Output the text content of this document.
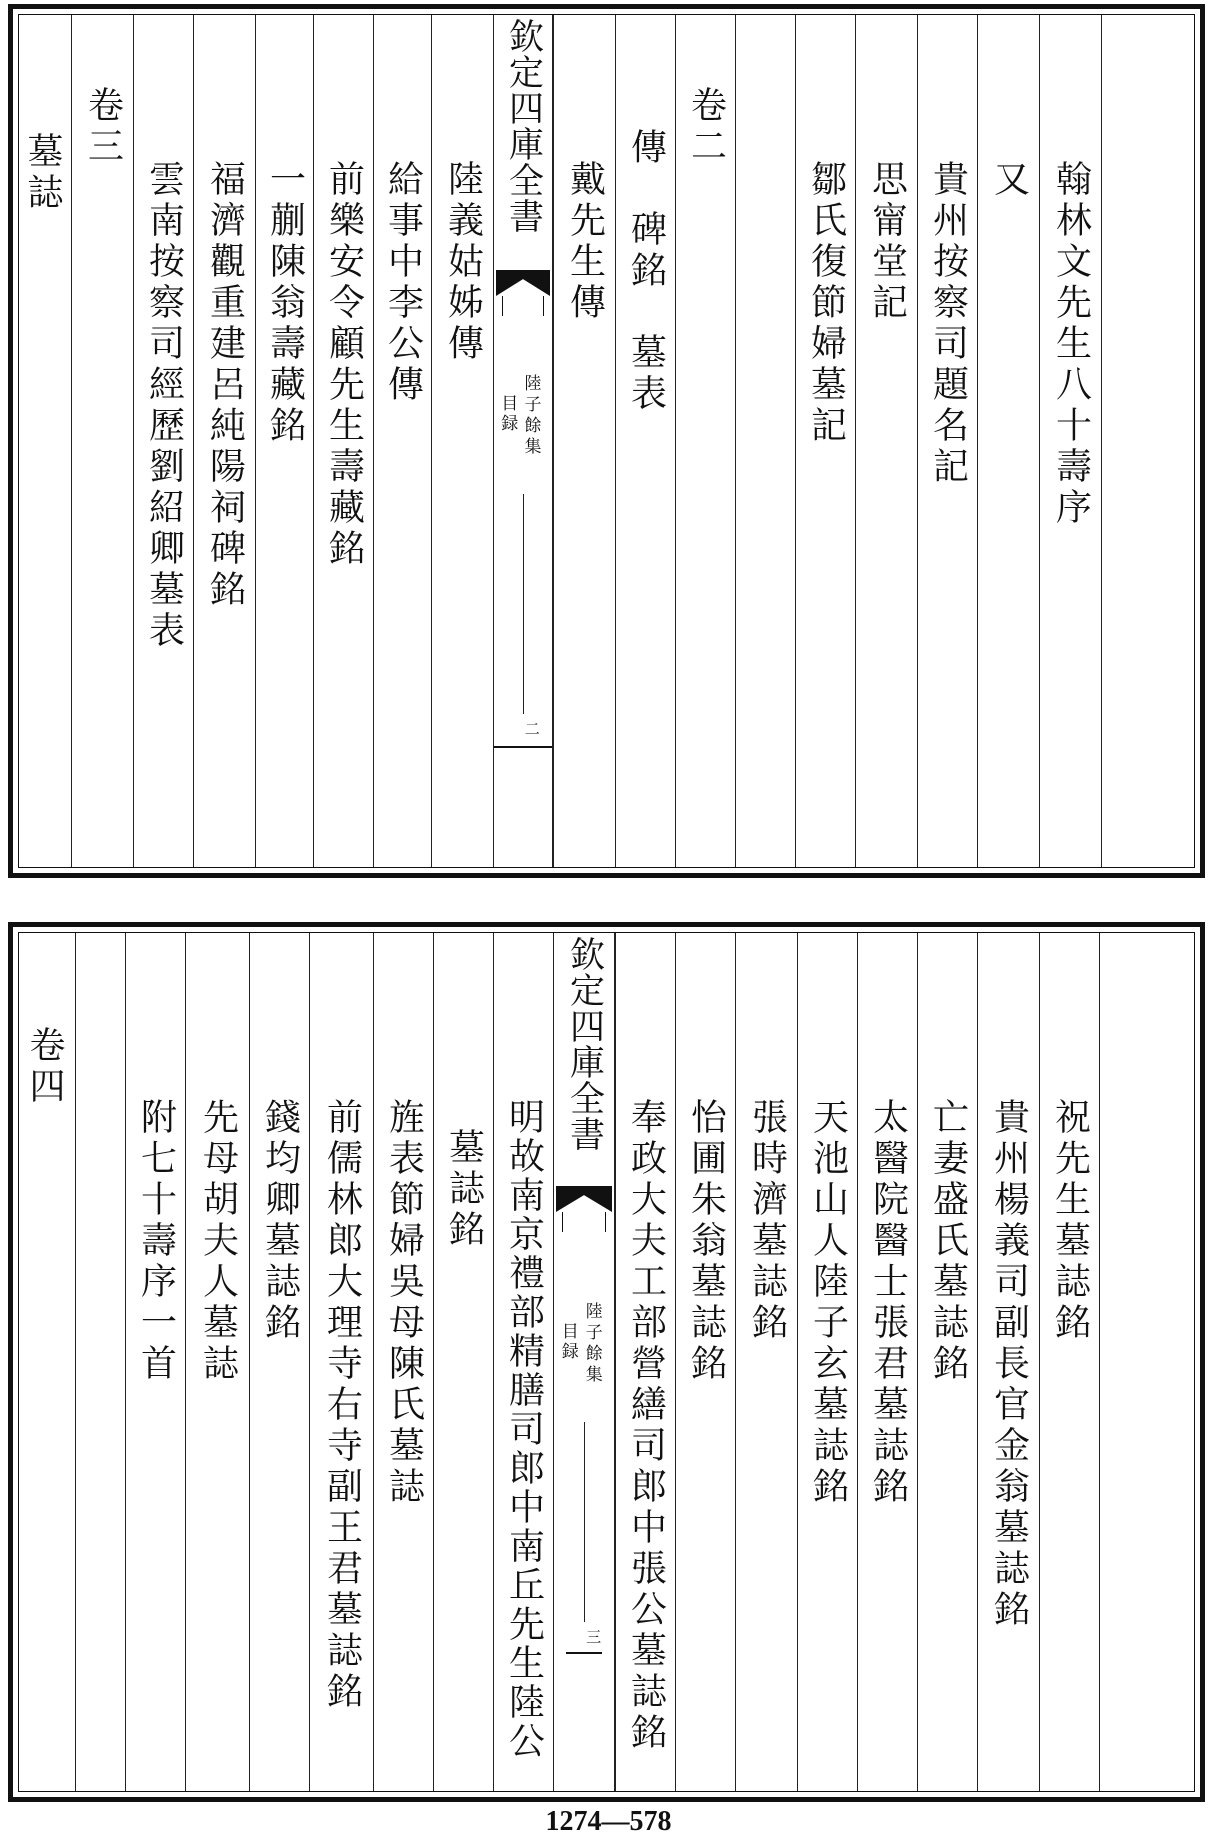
墓誌
卷三
雲南按察司經歷劉紹卿墓表 福濟觀重建呂純陽祠碑銘 一蒯陳翁壽藏銘 前樂安令顧先生壽藏銘 給事中李公傳 陸義姑姊傳
欽定四庫全書
陸子餘集
目録
二
戴先生傳 傳　碑銘　墓表
卷二
鄒氏復節婦墓記 思甯堂記 貴州按察司題名記 又 翰林文先生八十壽序
卷四
附七十壽序一首 先母胡夫人墓誌 錢均卿墓誌銘 前儒林郎大理寺右寺副王君墓誌銘 旌表節婦吳母陳氏墓誌 墓誌銘 明故南京禮部精膳司郎中南丘先生陸公
欽定四庫全書
陸子餘集
目録
三 奉政大夫工部營繕司郎中張公墓誌銘 怡圃朱翁墓誌銘 張時濟墓誌銘 天池山人陸子玄墓誌銘 太醫院醫士張君墓誌銘 亡妻盛氏墓誌銘 貴州楊義司副長官金翁墓誌銘 祝先生墓誌銘
1274—578
